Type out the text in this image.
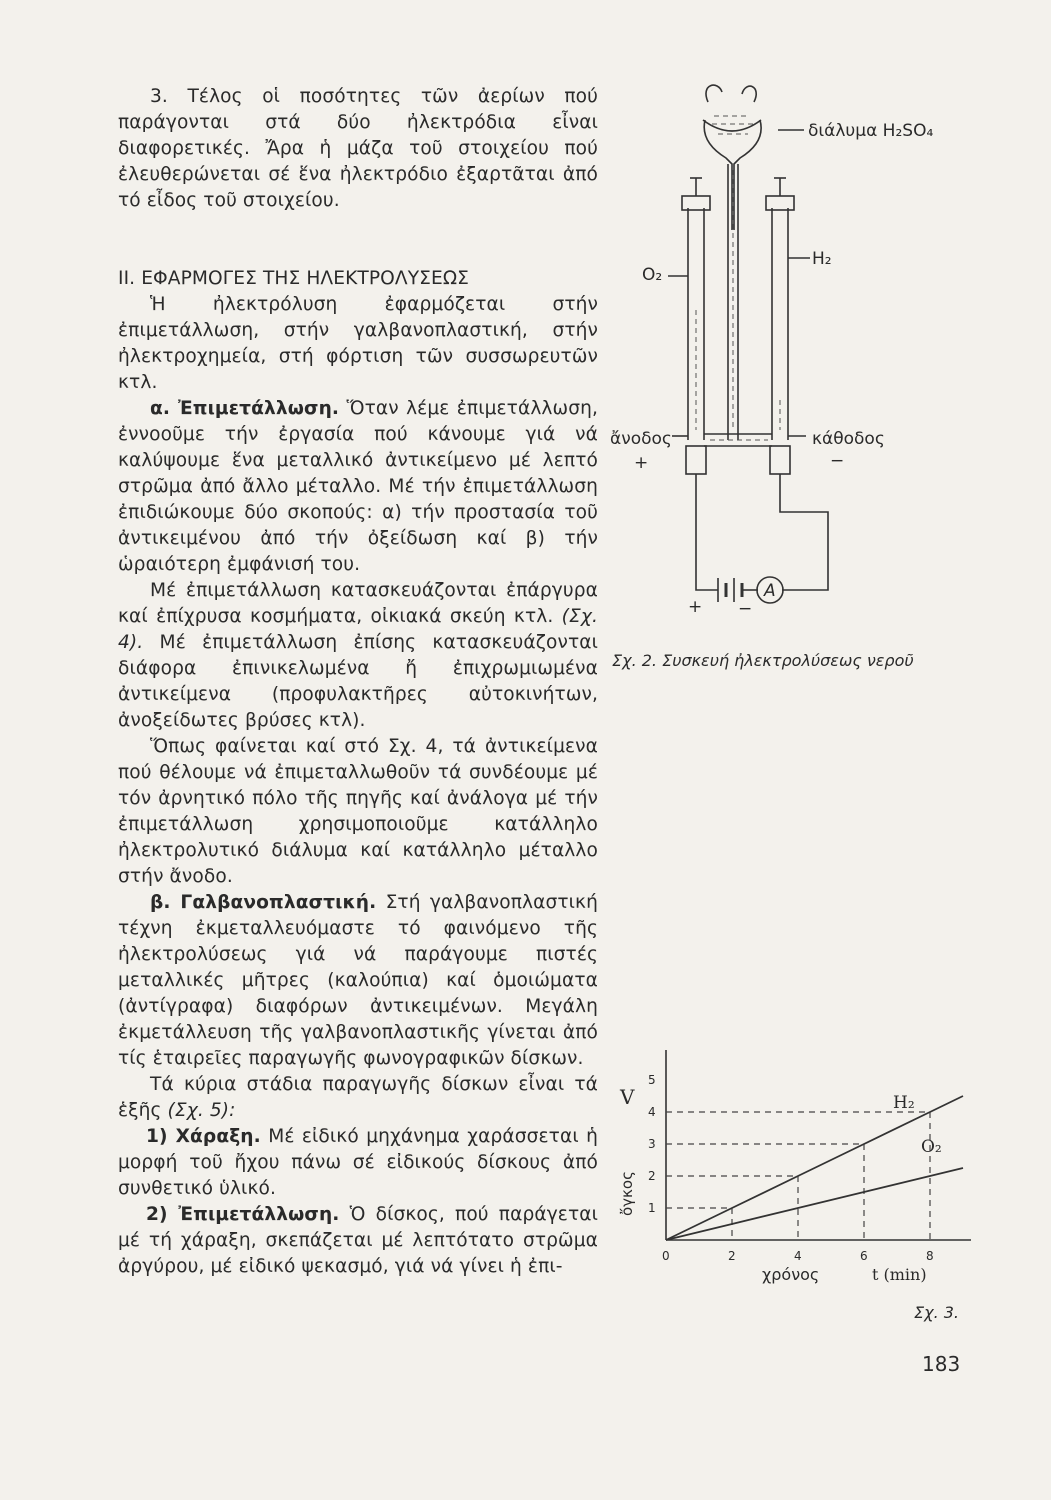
3. Τέλος οἱ ποσότητες τῶν ἀερίων πού παράγονται στά δύο ἠλεκτρόδια εἶναι διαφορετικές. Ἄρα ἡ μάζα τοῦ στοιχείου πού ἐλευθερώνεται σέ ἕνα ἠλεκτρόδιο ἐξαρτᾶται ἀπό τό εἶδος τοῦ στοιχείου.

II. ΕΦΑΡΜΟΓΕΣ ΤΗΣ ΗΛΕΚΤΡΟΛΥΣΕΩΣ

Ἡ ἠλεκτρόλυση ἐφαρμόζεται στήν ἐπιμετάλλωση, στήν γαλβανοπλαστική, στήν ἠλεκτροχημεία, στή φόρτιση τῶν συσσωρευτῶν κτλ.

α. Ἐπιμετάλλωση. Ὅταν λέμε ἐπιμετάλλωση, ἐννοοῦμε τήν ἐργασία πού κάνουμε γιά νά καλύψουμε ἕνα μεταλλικό ἀντικείμενο μέ λεπτό στρῶμα ἀπό ἄλλο μέταλλο. Μέ τήν ἐπιμετάλλωση ἐπιδιώκουμε δύο σκοπούς: α) τήν προστασία τοῦ ἀντικειμένου ἀπό τήν ὀξείδωση καί β) τήν ὡραιότερη ἐμφάνισή του.

Μέ ἐπιμετάλλωση κατασκευάζονται ἐπάργυρα καί ἐπίχρυσα κοσμήματα, οἰκιακά σκεύη κτλ. (Σχ. 4). Μέ ἐπιμετάλλωση ἐπίσης κατασκευάζονται διάφορα ἐπινικελωμένα ἤ ἐπιχρωμιωμένα ἀντικείμενα (προφυλακτῆρες αὐτοκινήτων, ἀνοξείδωτες βρύσες κτλ).

Ὅπως φαίνεται καί στό Σχ. 4, τά ἀντικείμενα πού θέλουμε νά ἐπιμεταλλωθοῦν τά συνδέουμε μέ τόν ἀρνητικό πόλο τῆς πηγῆς καί ἀνάλογα μέ τήν ἐπιμετάλλωση χρησιμοποιοῦμε κατάλληλο ἠλεκτρολυτικό διάλυμα καί κατάλληλο μέταλλο στήν ἄνοδο.

β. Γαλβανοπλαστική. Στή γαλβανοπλαστική τέχνη ἐκμεταλλευόμαστε τό φαινόμενο τῆς ἠλεκτρολύσεως γιά νά παράγουμε πιστές μεταλλικές μῆτρες (καλούπια) καί ὁμοιώματα (ἀντίγραφα) διαφόρων ἀντικειμένων. Μεγάλη ἐκμετάλλευση τῆς γαλβανοπλαστικῆς γίνεται ἀπό τίς ἑταιρεῖες παραγωγῆς φωνογραφικῶν δίσκων.

Τά κύρια στάδια παραγωγῆς δίσκων εἶναι τά ἑξῆς (Σχ. 5):

1) Χάραξη. Μέ εἰδικό μηχάνημα χαράσσεται ἡ μορφή τοῦ ἤχου πάνω σέ εἰδικούς δίσκους ἀπό συνθετικό ὑλικό.

2) Ἐπιμετάλλωση. Ὁ δίσκος, πού παράγεται μέ τή χάραξη, σκεπάζεται μέ λεπτότατο στρῶμα ἀργύρου, μέ εἰδικό ψεκασμό, γιά νά γίνει ἡ ἐπι-

διάλυμα H₂SO₄
O₂
H₂
ἄνοδος
+
κάθοδος
−
+ −
A
Σχ. 2. Συσκευή ἠλεκτρολύσεως νεροῦ
H₂
O₂
0	2	4	6	8
1
2
3
4
5
V
ὄγκος
χρόνος	t (min)
Σχ. 3.
183
